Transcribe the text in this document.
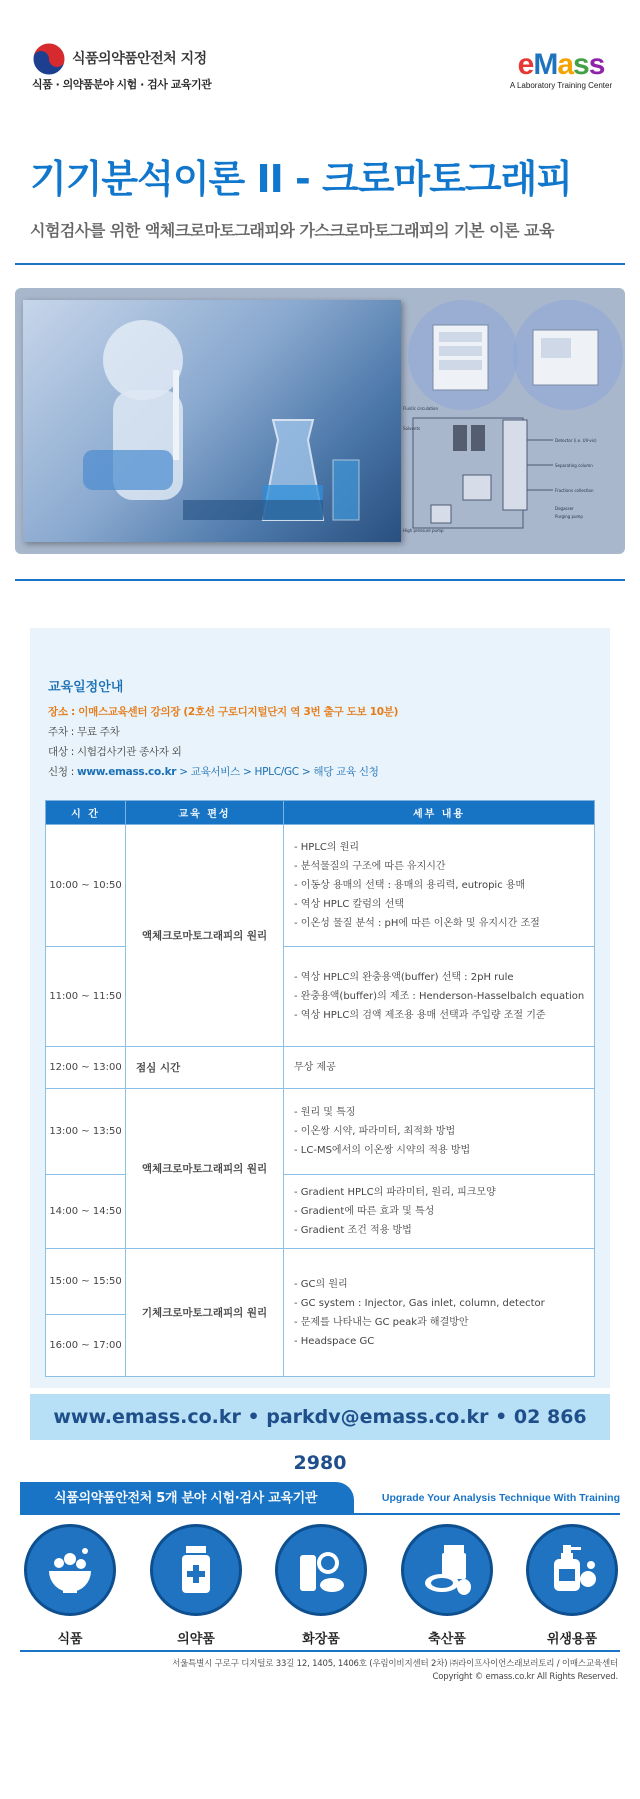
식품의약품안전처 지정
식품 · 의약품분야 시험 · 검사 교육기관
eMass
A Laboratory Training Center
기기분석이론 II - 크로마토그래피
시험검사를 위한 액체크로마토그래피와 가스크로마토그래피의 기본 이론 교육
Detector (i.e. UV-vis)
Separating column
Fractions collection
Fluidic circulation
Solvents
High pressure pump
Degasser
Purging pump
교육일정안내
장소 : 이매스교육센터 강의장 (2호선 구로디지털단지 역 3번 출구 도보 10분)
주차 : 무료 주차
대상 : 시험검사기관 종사자 외
신청 : www.emass.co.kr > 교육서비스 > HPLC/GC > 해당 교육 신청
시 간	교육 편성	세부 내용
10:00 ~ 10:50	액체크로마토그래피의 원리	- HPLC의 원리
- 분석물질의 구조에 따른 유지시간
- 이동상 용매의 선택 : 용매의 용리력, eutropic 용매
- 역상 HPLC 칼럼의 선택
- 이온성 물질 분석 : pH에 따른 이온화 및 유지시간 조절

11:00 ~ 11:50		- 역상 HPLC의 완충용액(buffer) 선택 : 2pH rule
- 완충용액(buffer)의 제조 : Henderson-Hasselbalch equation
- 역상 HPLC의 검액 제조용 용매 선택과 주입량 조절 기준

12:00 ~ 13:00	점심 시간	무상 제공

13:00 ~ 13:50	액체크로마토그래피의 원리	- 원리 및 특징
- 이온쌍 시약, 파라미터, 최적화 방법
- LC-MS에서의 이온쌍 시약의 적용 방법

14:00 ~ 14:50		- Gradient HPLC의 파라미터, 원리, 피크모양
- Gradient에 따른 효과 및 특성
- Gradient 조건 적용 방법

15:00 ~ 15:50	기체크로마토그래피의 원리	- GC의 원리
- GC system : Injector, Gas inlet, column, detector
- 문제를 나타내는 GC peak과 해결방안
- Headspace GC

16:00 ~ 17:00		
www.emass.co.kr • parkdv@emass.co.kr • 02 866 2980
식품의약품안전처 5개 분야 시험·검사 교육기관	Upgrade Your Analysis Technique With Training
식품	의약품	화장품	축산품	위생용품
서울특별시 구로구 디지털로 33길 12, 1405, 1406호 (우림이비지센터 2차) ㈜라이프사이언스래보러토리 / 이매스교육센터
Copyright © emass.co.kr All Rights Reserved.
